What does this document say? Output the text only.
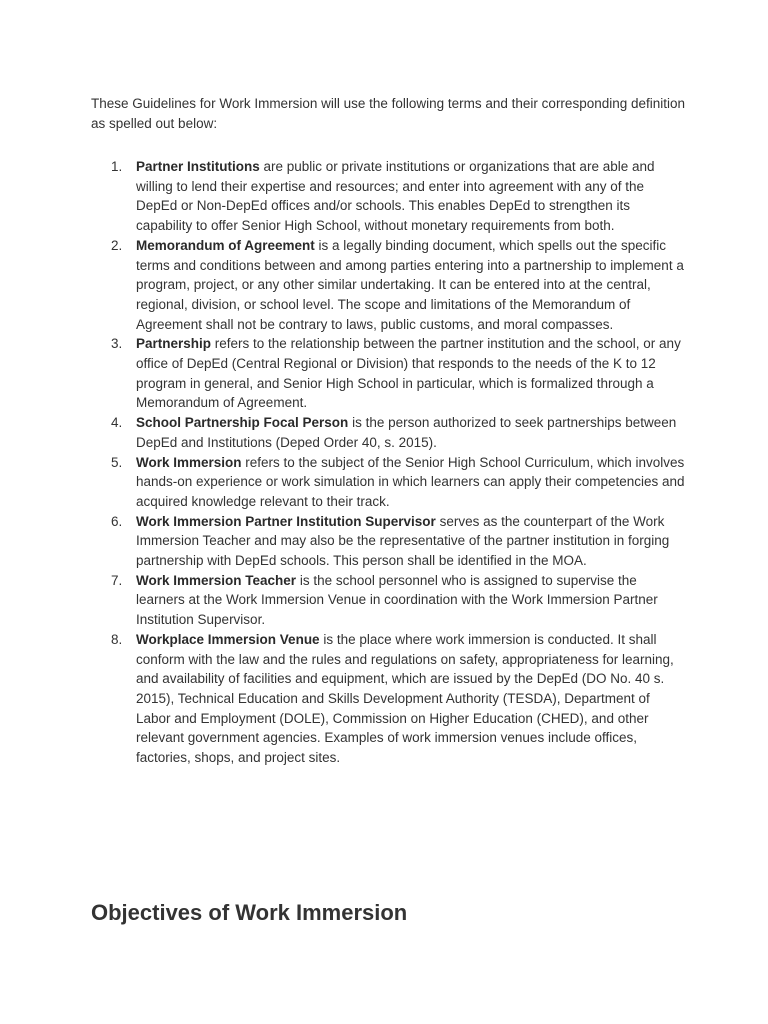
These Guidelines for Work Immersion will use the following terms and their corresponding definition as spelled out below:

1. Partner Institutions are public or private institutions or organizations that are able and willing to lend their expertise and resources; and enter into agreement with any of the DepEd or Non-DepEd offices and/or schools. This enables DepEd to strengthen its capability to offer Senior High School, without monetary requirements from both.
2. Memorandum of Agreement is a legally binding document, which spells out the specific terms and conditions between and among parties entering into a partnership to implement a program, project, or any other similar undertaking. It can be entered into at the central, regional, division, or school level. The scope and limitations of the Memorandum of Agreement shall not be contrary to laws, public customs, and moral compasses.
3. Partnership refers to the relationship between the partner institution and the school, or any office of DepEd (Central Regional or Division) that responds to the needs of the K to 12 program in general, and Senior High School in particular, which is formalized through a Memorandum of Agreement.
4. School Partnership Focal Person is the person authorized to seek partnerships between DepEd and Institutions (Deped Order 40, s. 2015).
5. Work Immersion refers to the subject of the Senior High School Curriculum, which involves hands-on experience or work simulation in which learners can apply their competencies and acquired knowledge relevant to their track.
6. Work Immersion Partner Institution Supervisor serves as the counterpart of the Work Immersion Teacher and may also be the representative of the partner institution in forging partnership with DepEd schools. This person shall be identified in the MOA.
7. Work Immersion Teacher is the school personnel who is assigned to supervise the learners at the Work Immersion Venue in coordination with the Work Immersion Partner Institution Supervisor.
8. Workplace Immersion Venue is the place where work immersion is conducted. It shall conform with the law and the rules and regulations on safety, appropriateness for learning, and availability of facilities and equipment, which are issued by the DepEd (DO No. 40 s. 2015), Technical Education and Skills Development Authority (TESDA), Department of Labor and Employment (DOLE), Commission on Higher Education (CHED), and other relevant government agencies. Examples of work immersion venues include offices, factories, shops, and project sites.
Objectives of Work Immersion
